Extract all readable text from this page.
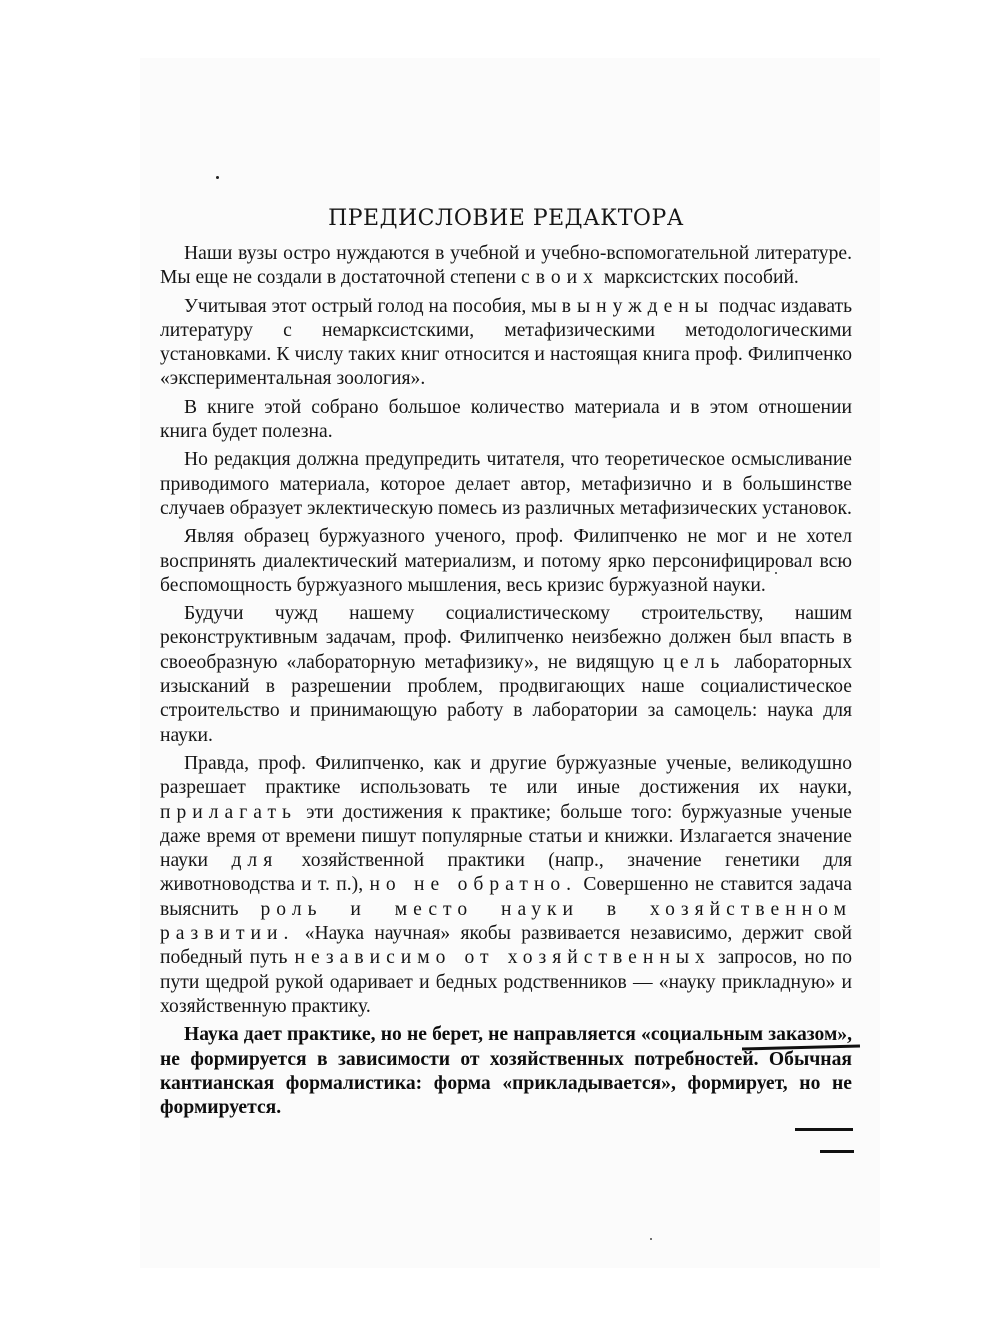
ПРЕДИСЛОВИЕ РЕДАКТОРА

Наши вузы остро нуждаются в учебной и учебно-вспомогательной литературе. Мы еще не создали в достаточной степени своих марксистских пособий.

Учитывая этот острый голод на пособия, мы вынуждены подчас издавать литературу с немарксистскими, метафизическими методологическими установками. К числу таких книг относится и настоящая книга проф. Филипченко «экспериментальная зоология».

В книге этой собрано большое количество материала и в этом отношении книга будет полезна.

Но редакция должна предупредить читателя, что теоретическое осмысливание приводимого материала, которое делает автор, метафизично и в большинстве случаев образует эклектическую помесь из различных метафизических установок.

Являя образец буржуазного ученого, проф. Филипченко не мог и не хотел воспринять диалектический материализм, и потому ярко персонифицировал всю беспомощность буржуазного мышления, весь кризис буржуазной науки.

Будучи чужд нашему социалистическому строительству, нашим реконструктивным задачам, проф. Филипченко неизбежно должен был впасть в своеобразную «лабораторную метафизику», не видящую цель лабораторных изысканий в разрешении проблем, продвигающих наше социалистическое строительство и принимающую работу в лаборатории за самоцель: наука для науки.

Правда, проф. Филипченко, как и другие буржуазные ученые, великодушно разрешает практике использовать те или иные достижения их науки, прилагать эти достижения к практике; больше того: буржуазные ученые даже время от времени пишут популярные статьи и книжки. Излагается значение науки для хозяйственной практики (напр., значение генетики для животноводства и т. п.), но не обратно. Совершенно не ставится задача выяснить роль и место науки в хозяйственном развитии. «Наука научная» якобы развивается независимо, держит свой победный путь независимо от хозяйственных запросов, но по пути щедрой рукой одаривает и бедных родственников — «науку прикладную» и хозяйственную практику.

Наука дает практике, но не берет, не направляется «социальным заказом», не формируется в зависимости от хозяйственных потребностей. Обычная кантианская формалистика: форма «прикладывается», формирует, но не формируется.
